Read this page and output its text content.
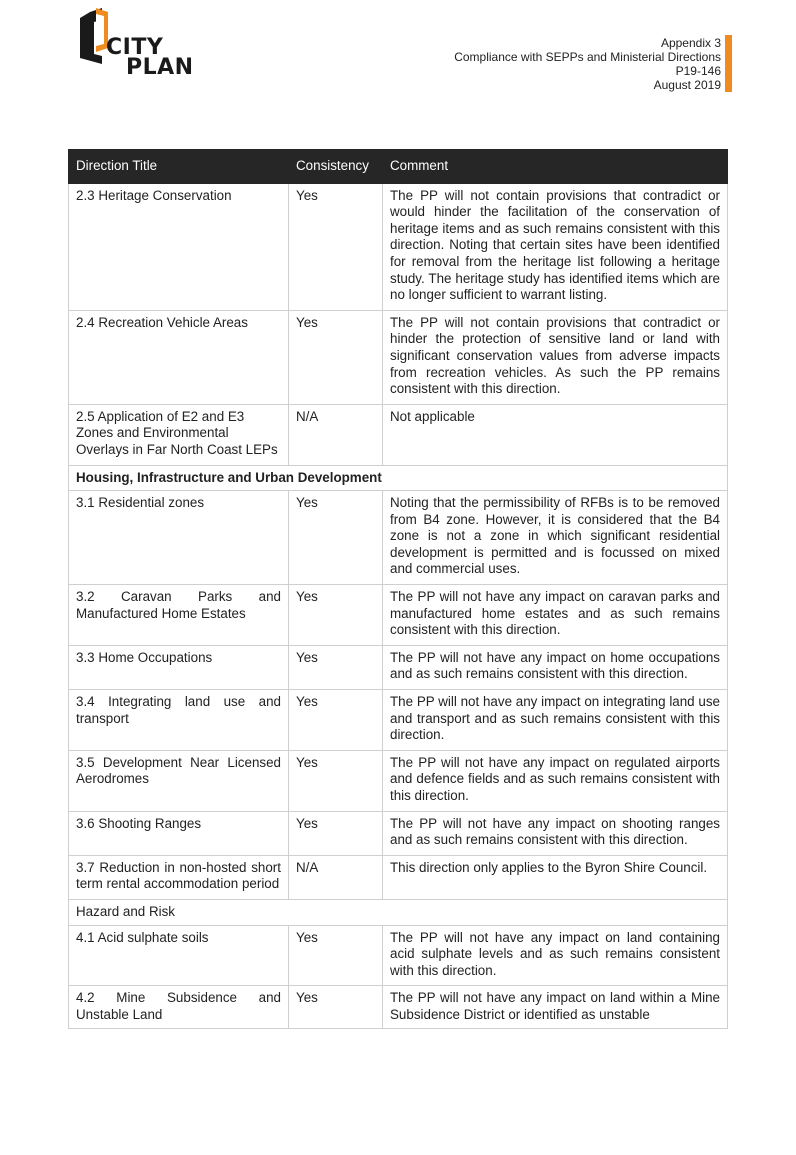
CITY
PLAN
Appendix 3
Compliance with SEPPs and Ministerial Directions
P19-146
August 2019
Direction Title	Consistency	Comment
2.3 Heritage Conservation	Yes	The PP will not contain provisions that contradict or would hinder the facilitation of the conservation of heritage items and as such remains consistent with this direction. Noting that certain sites have been identified for removal from the heritage list following a heritage study. The heritage study has identified items which are no longer sufficient to warrant listing.
2.4 Recreation Vehicle Areas	Yes	The PP will not contain provisions that contradict or hinder the protection of sensitive land or land with significant conservation values from adverse impacts from recreation vehicles. As such the PP remains consistent with this direction.
2.5 Application of E2 and E3 Zones and Environmental Overlays in Far North Coast LEPs	N/A	Not applicable
Housing, Infrastructure and Urban Development		
3.1 Residential zones	Yes	Noting that the permissibility of RFBs is to be removed from B4 zone. However, it is considered that the B4 zone is not a zone in which significant residential development is permitted and is focussed on mixed and commercial uses.
3.2 Caravan Parks and Manufactured Home Estates	Yes	The PP will not have any impact on caravan parks and manufactured home estates and as such remains consistent with this direction.
3.3 Home Occupations	Yes	The PP will not have any impact on home occupations and as such remains consistent with this direction.
3.4 Integrating land use and transport	Yes	The PP will not have any impact on integrating land use and transport and as such remains consistent with this direction.
3.5 Development Near Licensed Aerodromes	Yes	The PP will not have any impact on regulated airports and defence fields and as such remains consistent with this direction.
3.6 Shooting Ranges	Yes	The PP will not have any impact on shooting ranges and as such remains consistent with this direction.
3.7 Reduction in non-hosted short term rental accommodation period	N/A	This direction only applies to the Byron Shire Council.
Hazard and Risk		
4.1 Acid sulphate soils	Yes	The PP will not have any impact on land containing acid sulphate levels and as such remains consistent with this direction.
4.2 Mine Subsidence and Unstable Land	Yes	The PP will not have any impact on land within a Mine Subsidence District or identified as unstable
